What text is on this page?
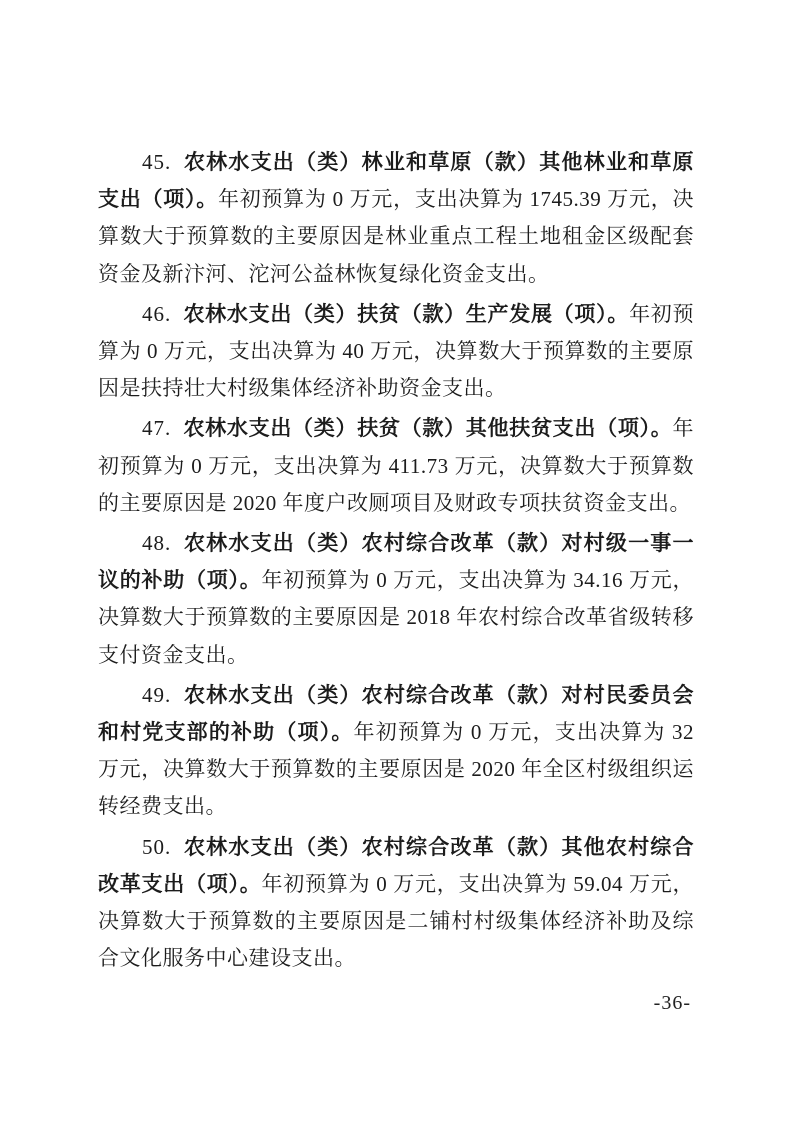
45. 农林水支出（类）林业和草原（款）其他林业和草原支出（项）。年初预算为 0 万元，支出决算为 1745.39 万元，决算数大于预算数的主要原因是林业重点工程土地租金区级配套资金及新汴河、沱河公益林恢复绿化资金支出。

46. 农林水支出（类）扶贫（款）生产发展（项）。年初预算为 0 万元，支出决算为 40 万元，决算数大于预算数的主要原因是扶持壮大村级集体经济补助资金支出。

47. 农林水支出（类）扶贫（款）其他扶贫支出（项）。年初预算为 0 万元，支出决算为 411.73 万元，决算数大于预算数的主要原因是 2020 年度户改厕项目及财政专项扶贫资金支出。

48. 农林水支出（类）农村综合改革（款）对村级一事一议的补助（项）。年初预算为 0 万元，支出决算为 34.16 万元，决算数大于预算数的主要原因是 2018 年农村综合改革省级转移支付资金支出。

49. 农林水支出（类）农村综合改革（款）对村民委员会和村党支部的补助（项）。年初预算为 0 万元，支出决算为 32 万元，决算数大于预算数的主要原因是 2020 年全区村级组织运转经费支出。

50. 农林水支出（类）农村综合改革（款）其他农村综合改革支出（项）。年初预算为 0 万元，支出决算为 59.04 万元，决算数大于预算数的主要原因是二铺村村级集体经济补助及综合文化服务中心建设支出。

-36-
